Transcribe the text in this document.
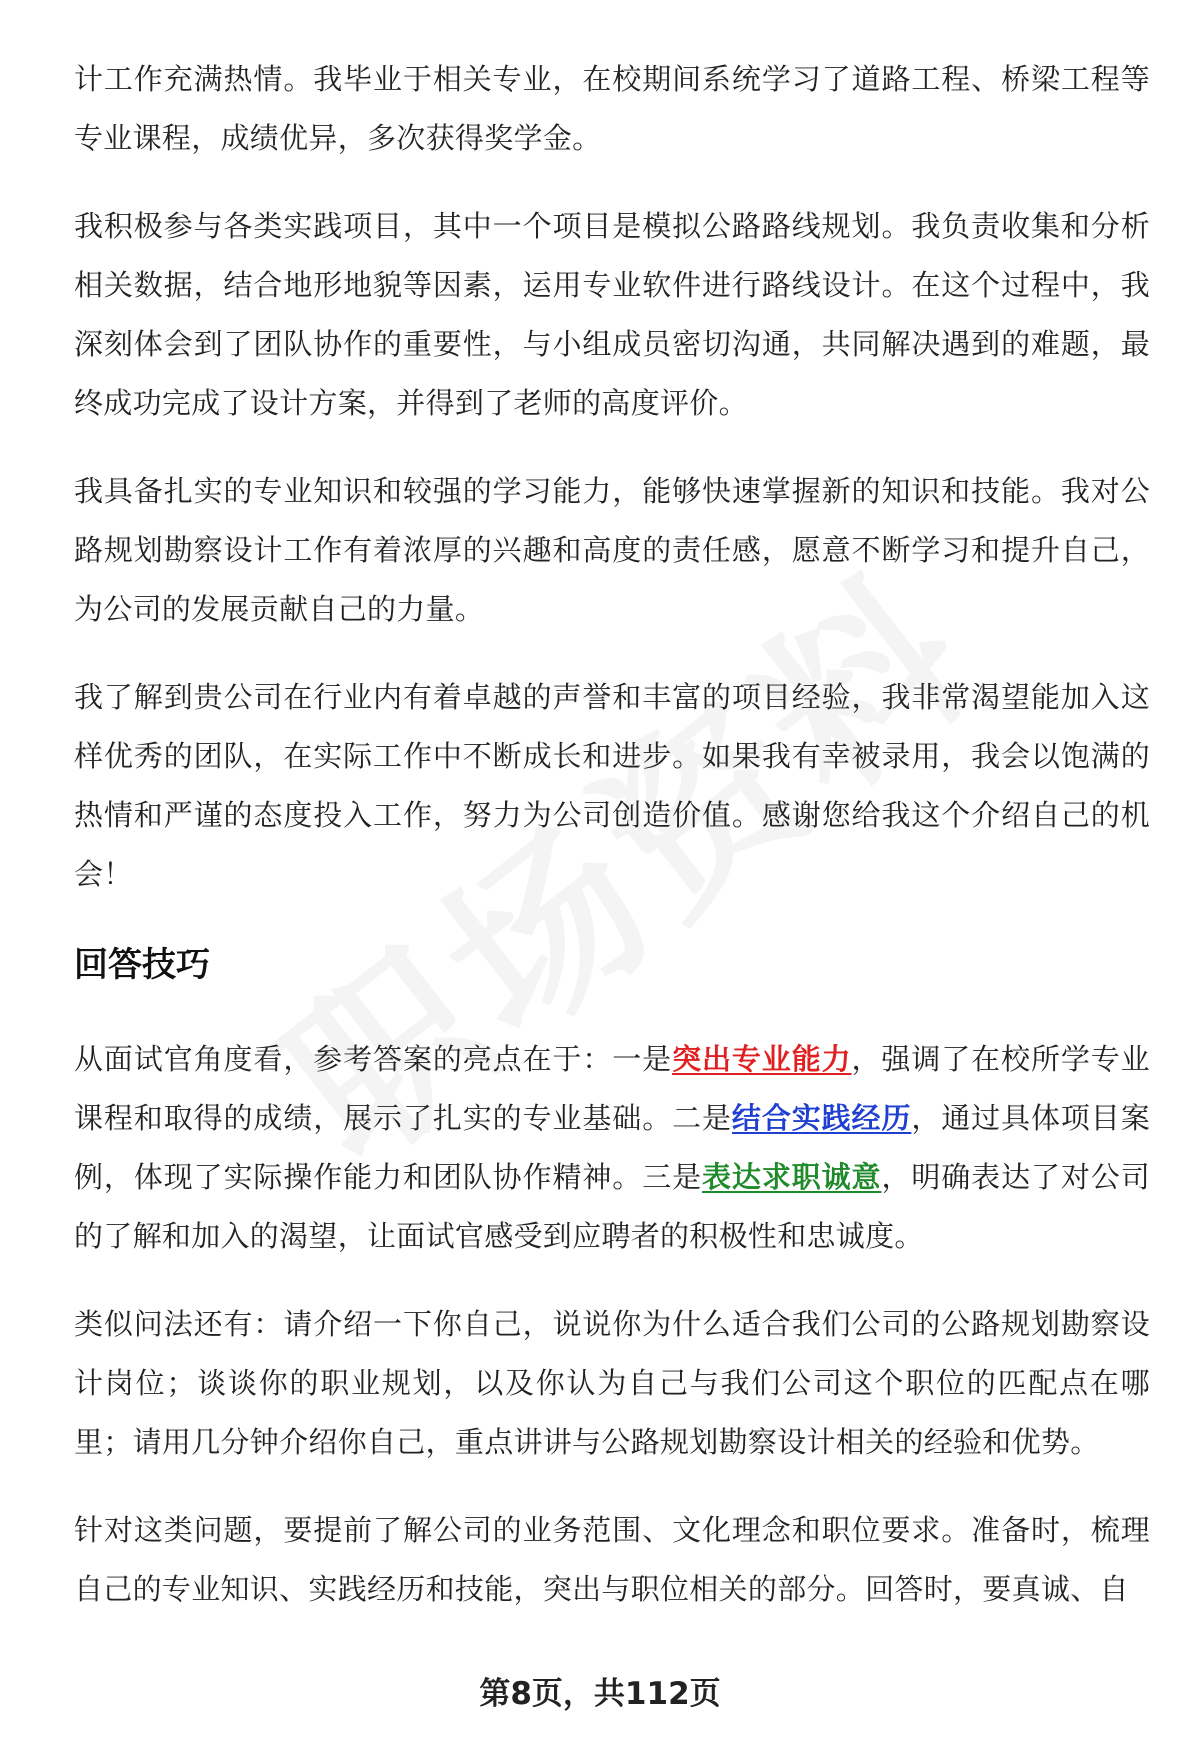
计工作充满热情。我毕业于相关专业，在校期间系统学习了道路工程、桥梁工程等专业课程，成绩优异，多次获得奖学金。

我积极参与各类实践项目，其中一个项目是模拟公路路线规划。我负责收集和分析相关数据，结合地形地貌等因素，运用专业软件进行路线设计。在这个过程中，我深刻体会到了团队协作的重要性，与小组成员密切沟通，共同解决遇到的难题，最终成功完成了设计方案，并得到了老师的高度评价。

我具备扎实的专业知识和较强的学习能力，能够快速掌握新的知识和技能。我对公路规划勘察设计工作有着浓厚的兴趣和高度的责任感，愿意不断学习和提升自己，为公司的发展贡献自己的力量。

我了解到贵公司在行业内有着卓越的声誉和丰富的项目经验，我非常渴望能加入这样优秀的团队，在实际工作中不断成长和进步。如果我有幸被录用，我会以饱满的热情和严谨的态度投入工作，努力为公司创造价值。感谢您给我这个介绍自己的机会！

回答技巧

从面试官角度看，参考答案的亮点在于：一是突出专业能力，强调了在校所学专业课程和取得的成绩，展示了扎实的专业基础。二是结合实践经历，通过具体项目案例，体现了实际操作能力和团队协作精神。三是表达求职诚意，明确表达了对公司的了解和加入的渴望，让面试官感受到应聘者的积极性和忠诚度。

类似问法还有：请介绍一下你自己，说说你为什么适合我们公司的公路规划勘察设计岗位；谈谈你的职业规划，以及你认为自己与我们公司这个职位的匹配点在哪里；请用几分钟介绍你自己，重点讲讲与公路规划勘察设计相关的经验和优势。

针对这类问题，要提前了解公司的业务范围、文化理念和职位要求。准备时，梳理自己的专业知识、实践经历和技能，突出与职位相关的部分。回答时，要真诚、自

第8页，共112页
